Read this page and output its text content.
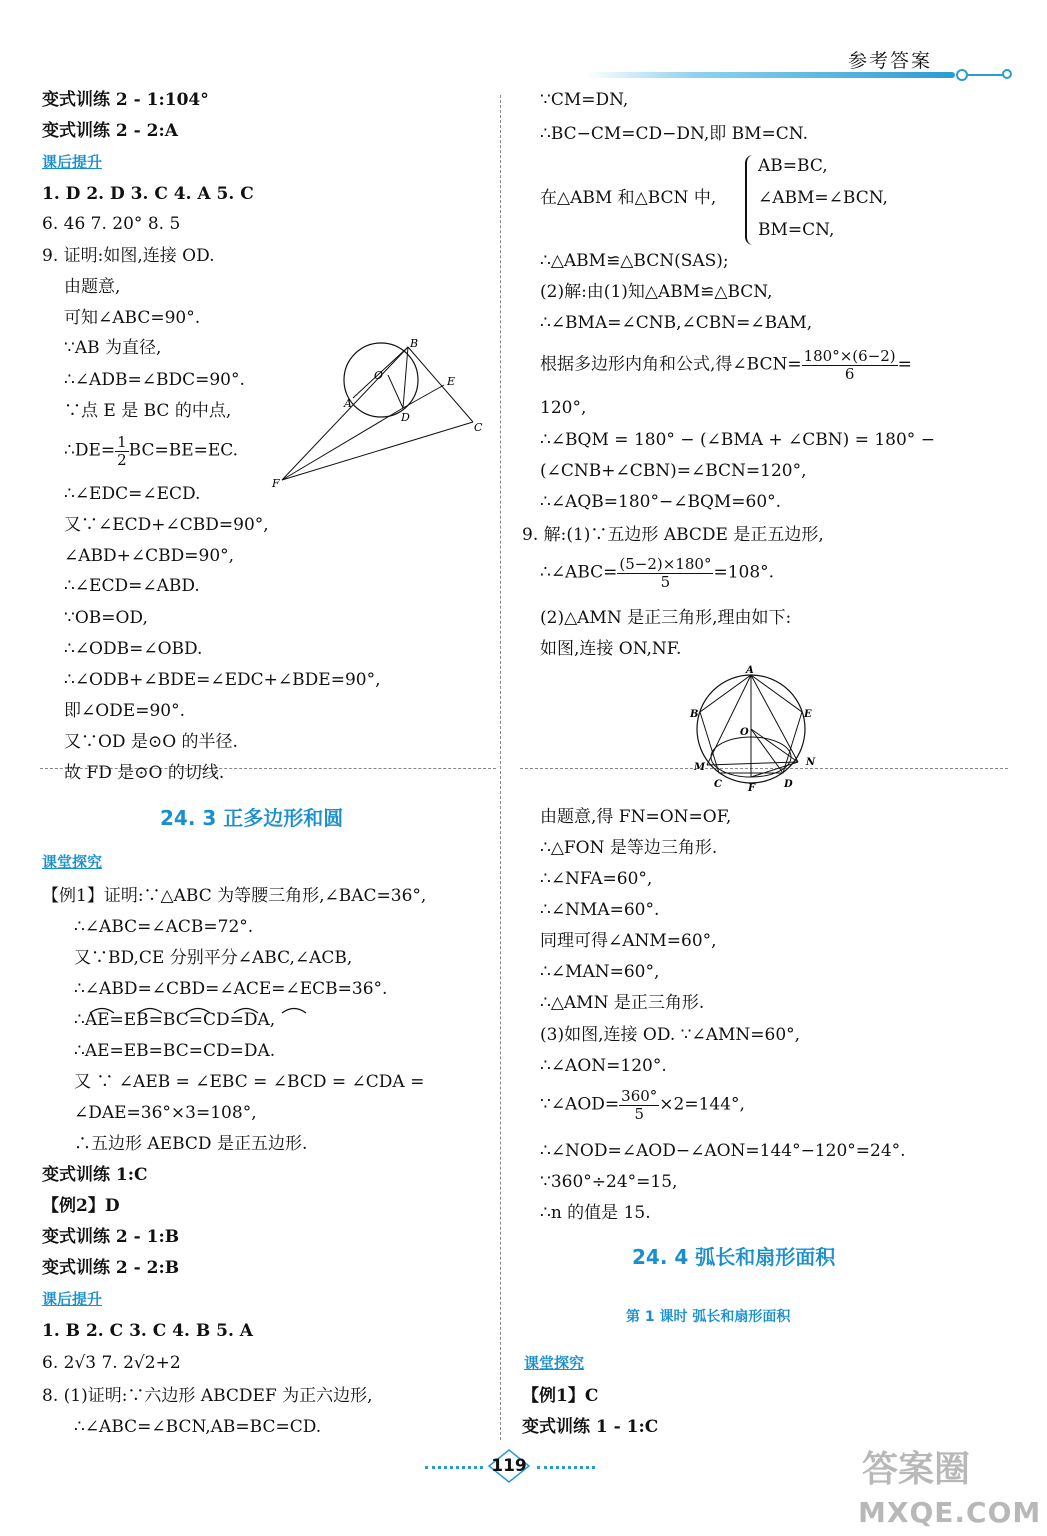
参考答案
变式训练 2 - 1:104°
变式训练 2 - 2:A
课后提升
1. D 2. D 3. C 4. A 5. C
6. 46 7. 20° 8. 5
9. 证明:如图,连接 OD.
由题意,
可知∠ABC=90°.
∵AB 为直径,
∴∠ADB=∠BDC=90°.
∵点 E 是 BC 的中点,
∴DE= $\frac{1}{2} BC=BE=EC$.
∴∠EDC=∠ECD.
又∵∠ECD+∠CBD=90°,
∠ABD+∠CBD=90°,
∴∠ECD=∠ABD.
∵OB=OD,
∴∠ODB=∠OBD.
∴∠ODB+∠BDE=∠EDC+∠BDE=90°,
即∠ODE=90°.
又∵OD 是⊙O 的半径.
故 FD 是⊙O 的切线.
24. 3 正多边形和圆
课堂探究
【例1】证明:∵△ABC 为等腰三角形,∠BAC=36°,
∴∠ABC=∠ACB=72°.
又∵BD,CE 分别平分∠ABC,∠ACB,
∴∠ABD=∠CBD=∠ACE=∠ECB=36°.
∴AE=EB=BC=CD=DA,
∴AE=EB=BC=CD=DA.
又 ∵ ∠AEB = ∠EBC = ∠BCD = ∠CDA =
∠DAE=36°×3=108°,
∴五边形 AEBCD 是正五边形.
变式训练 1:C
【例2】D
变式训练 2 - 1:B
变式训练 2 - 2:B
课后提升
1. B 2. C 3. C 4. B 5. A
6. 2√3 7. 2√2+2
8. (1)证明:∵六边形 ABCDEF 为正六边形,
∴∠ABC=∠BCN,AB=BC=CD.
B
O	E
A
D
C
F
∵CM=DN,
∴BC−CM=CD−DN,即 BM=CN.
在△ABM 和△BCN 中,
AB=BC,
∠ABM=∠BCN,
BM=CN,
∴△ABM≌△BCN(SAS);
(2)解:由(1)知△ABM≌△BCN,
∴∠BMA=∠CNB,∠CBN=∠BAM,
根据多边形内角和公式,得∠BCN= $\frac{180^\circ\times(6-2)}{6}$ =
120°,
∴∠BQM = 180° − (∠BMA + ∠CBN) = 180° −
(∠CNB+∠CBN)=∠BCN=120°,
∴∠AQB=180°−∠BQM=60°.
9. 解:(1)∵五边形 ABCDE 是正五边形,
∴∠ABC= $\frac{(5-2)\times 180^\circ}{5} =108^\circ$.
(2)△AMN 是正三角形,理由如下:
如图,连接 ON,NF.
由题意,得 FN=ON=OF,
∴△FON 是等边三角形.
∴∠NFA=60°,
∴∠NMA=60°.
同理可得∠ANM=60°,
∴∠MAN=60°,
∴△AMN 是正三角形.
(3)如图,连接 OD. ∵∠AMN=60°,
∴∠AON=120°.
∵∠AOD= $\frac{360^\circ}{5} \times 2=144^\circ$,
∴∠NOD=∠AOD−∠AON=144°−120°=24°.
∵360°÷24°=15,
∴n 的值是 15.
24. 4 弧长和扇形面积
第 1 课时 弧长和扇形面积
课堂探究
【例1】C
变式训练 1 - 1:C
A
B	E
O
M	N
C	F	D
119	答案圈
MXQE.COM
